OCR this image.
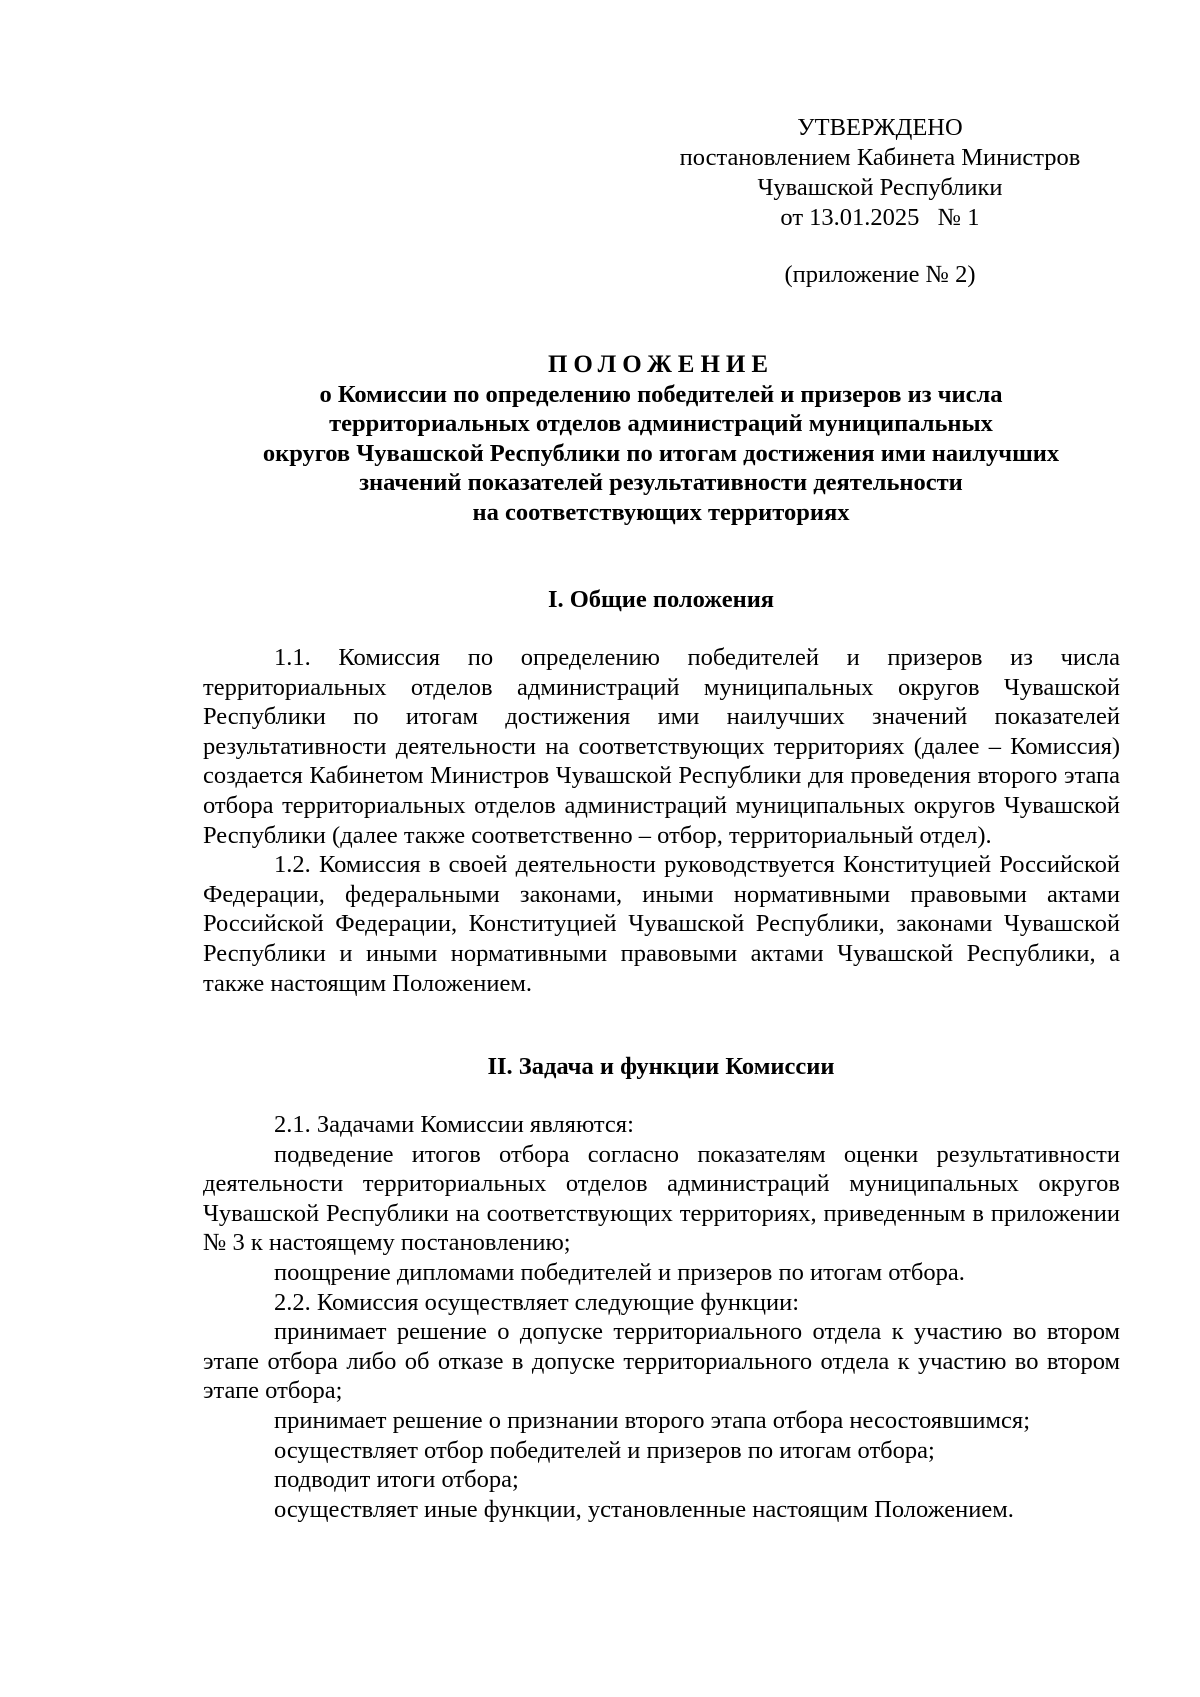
УТВЕРЖДЕНО
постановлением Кабинета Министров
Чувашской Республики
от 13.01.2025   № 1
(приложение № 2)
ПОЛОЖЕНИЕ
о Комиссии по определению победителей и призеров из числа
территориальных отделов администраций муниципальных
округов Чувашской Республики по итогам достижения ими наилучших
значений показателей результативности деятельности
на соответствующих территориях
I. Общие положения

1.1. Комиссия по определению победителей и призеров из числа территориальных отделов администраций муниципальных округов Чувашской Республики по итогам достижения ими наилучших значений показателей результативности деятельности на соответствующих территориях (далее – Комиссия) создается Кабинетом Министров Чувашской Республики для проведения второго этапа отбора территориальных отделов администраций муниципальных округов Чувашской Республики (далее также соответственно – отбор, территориальный отдел).

1.2. Комиссия в своей деятельности руководствуется Конституцией Российской Федерации, федеральными законами, иными нормативными правовыми актами Российской Федерации, Конституцией Чувашской Республики, законами Чувашской Республики и иными нормативными правовыми актами Чувашской Республики, а также настоящим Положением.

II. Задача и функции Комиссии

2.1. Задачами Комиссии являются:

подведение итогов отбора согласно показателям оценки результативности деятельности территориальных отделов администраций муниципальных округов Чувашской Республики на соответствующих территориях, приведенным в приложении № 3 к настоящему постановлению;

поощрение дипломами победителей и призеров по итогам отбора.

2.2. Комиссия осуществляет следующие функции:

принимает решение о допуске территориального отдела к участию во втором этапе отбора либо об отказе в допуске территориального отдела к участию во втором этапе отбора;

принимает решение о признании второго этапа отбора несостоявшимся;

осуществляет отбор победителей и призеров по итогам отбора;

подводит итоги отбора;

осуществляет иные функции, установленные настоящим Положением.
